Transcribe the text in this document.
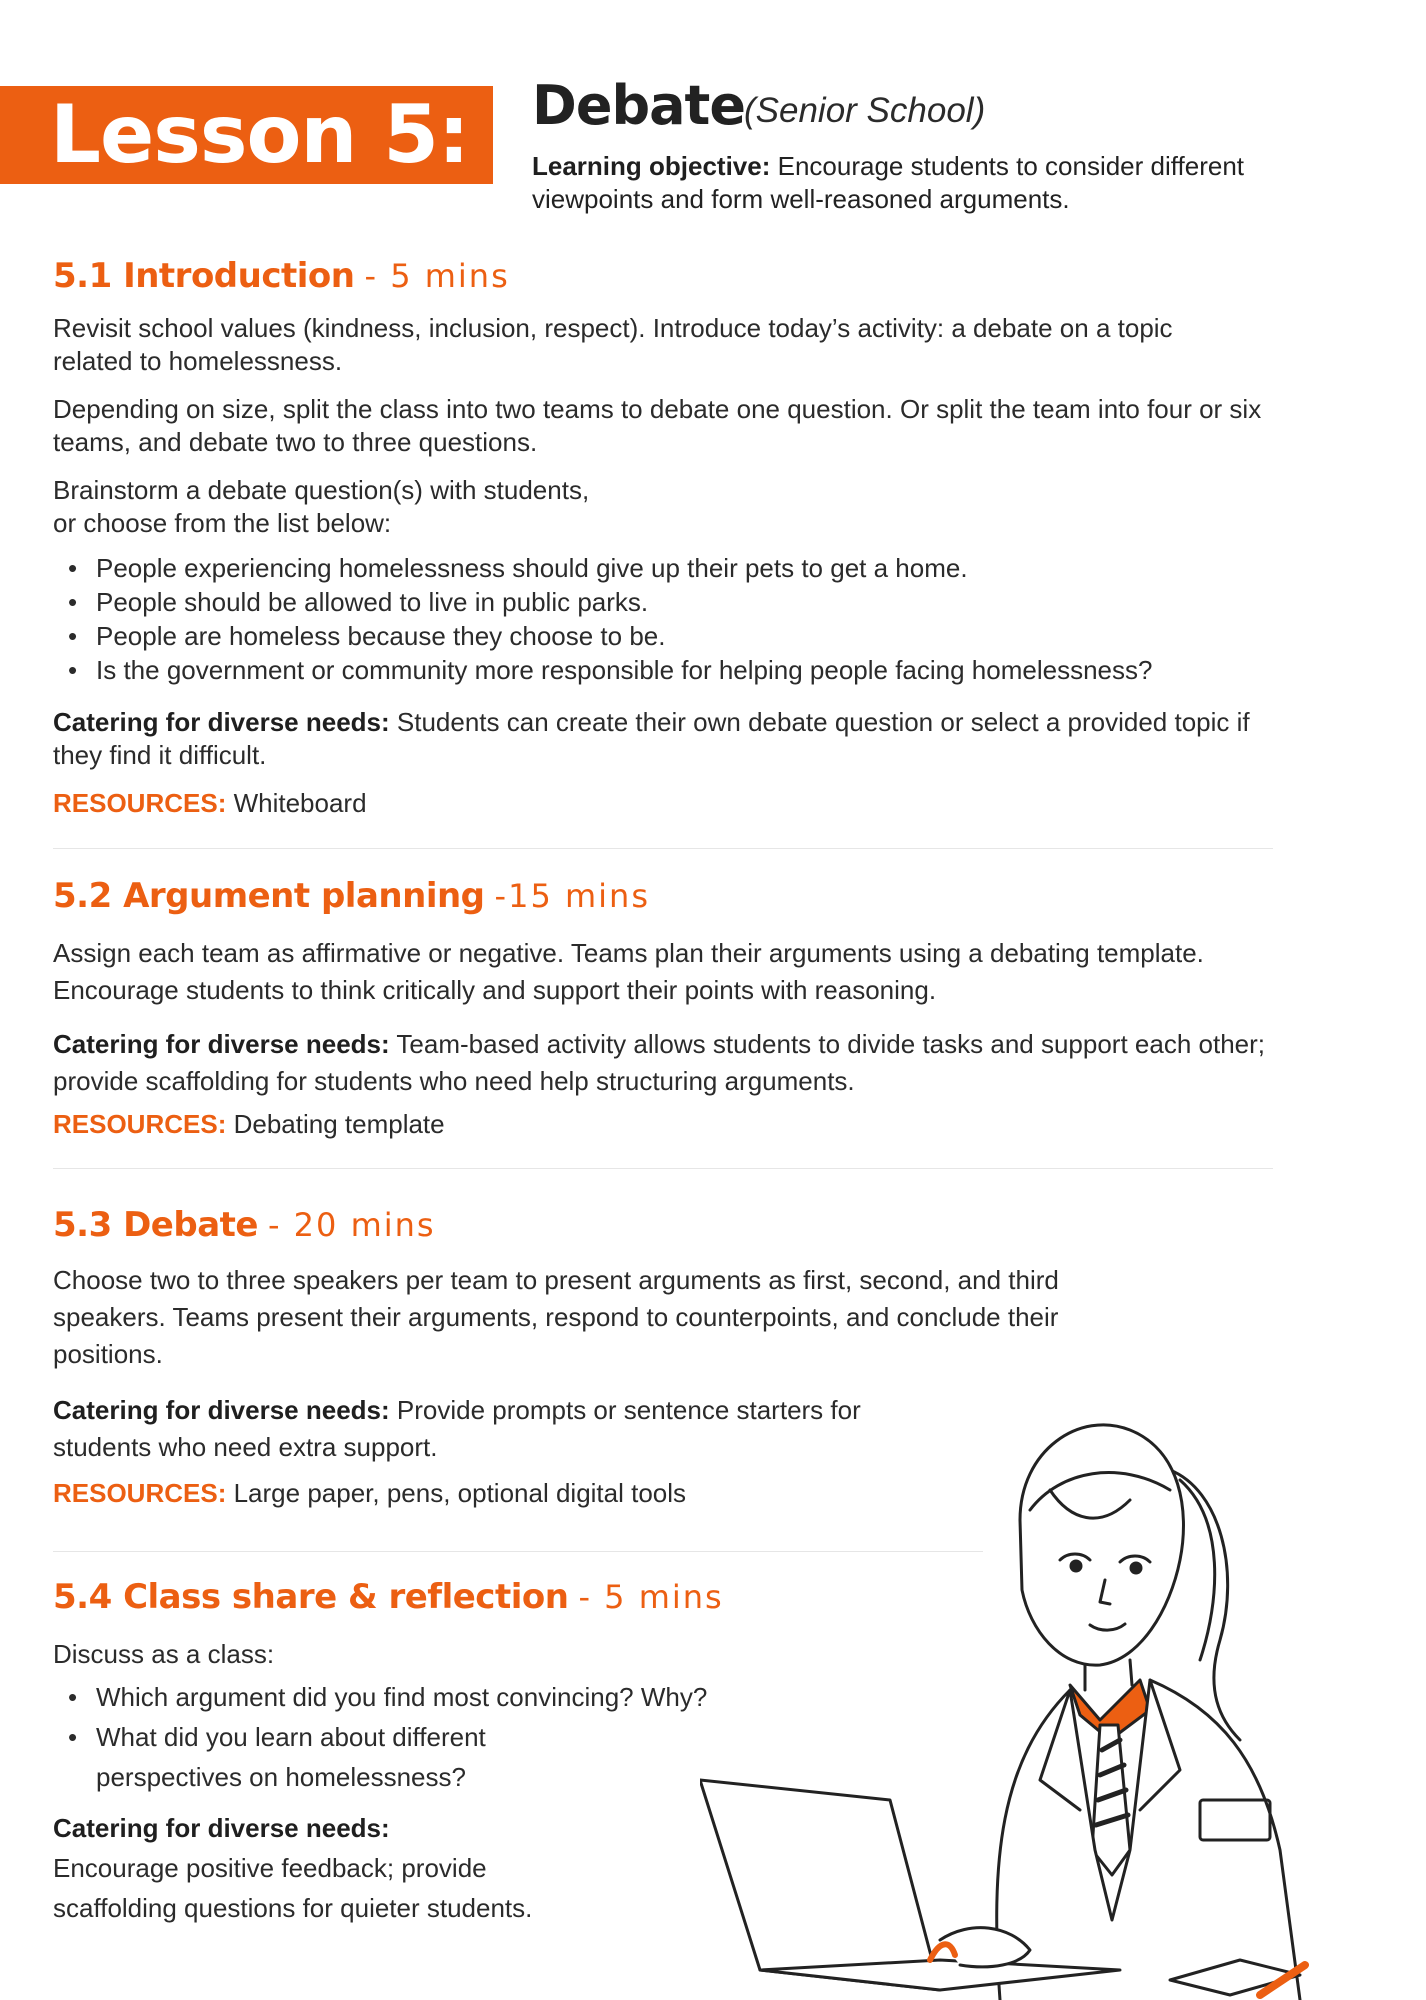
Lesson 5:	Debate (Senior School)
Learning objective: Encourage students to consider different viewpoints and form well-reasoned arguments.
5.1 Introduction - 5 mins
Revisit school values (kindness, inclusion, respect). Introduce today’s activity: a debate on a topic related to homelessness.
Depending on size, split the class into two teams to debate one question. Or split the team into four or six teams, and debate two to three questions.
Brainstorm a debate question(s) with students,
or choose from the list below:
• People experiencing homelessness should give up their pets to get a home.
• People should be allowed to live in public parks.
• People are homeless because they choose to be.
• Is the government or community more responsible for helping people facing homelessness?
Catering for diverse needs: Students can create their own debate question or select a provided topic if they find it difficult.
RESOURCES: Whiteboard
5.2 Argument planning -15 mins
Assign each team as affirmative or negative. Teams plan their arguments using a debating template. Encourage students to think critically and support their points with reasoning.
Catering for diverse needs: Team-based activity allows students to divide tasks and support each other; provide scaffolding for students who need help structuring arguments.
RESOURCES: Debating template
5.3 Debate - 20 mins
Choose two to three speakers per team to present arguments as first, second, and third speakers. Teams present their arguments, respond to counterpoints, and conclude their positions.
Catering for diverse needs: Provide prompts or sentence starters for students who need extra support.
RESOURCES: Large paper, pens, optional digital tools
5.4 Class share & reflection - 5 mins
Discuss as a class:
• Which argument did you find most convincing? Why?
• What did you learn about different perspectives on homelessness?
Catering for diverse needs:
Encourage positive feedback; provide scaffolding questions for quieter students.
